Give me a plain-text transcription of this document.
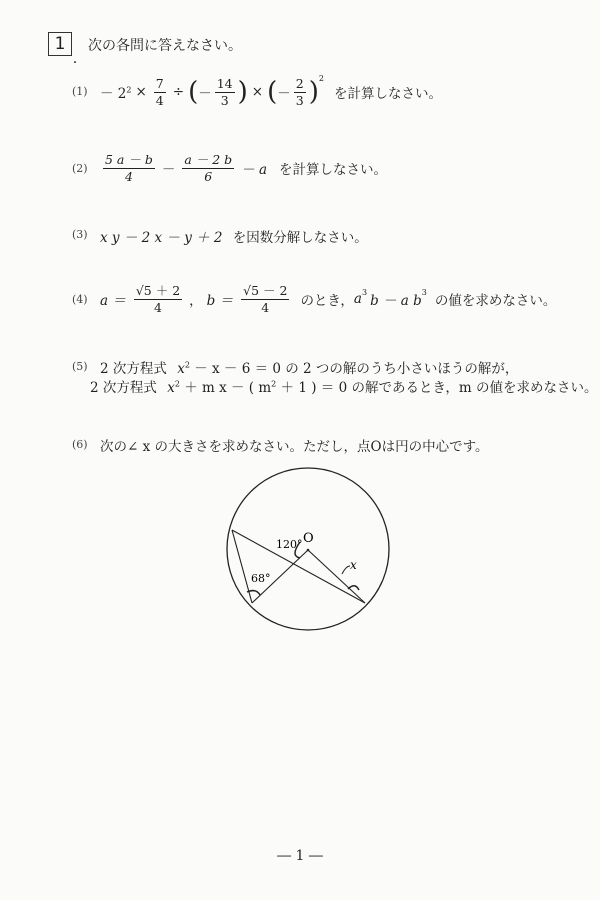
1	次の各問に答えなさい。
・
$(1) - 2^2 \times \frac{7}{4}$ ÷ ( － $\frac{14}{3}$ ) × ( － $\frac{2}{3} )^2$
を計算しなさい。
$(2) \frac{5 a - b}{4} - \frac{a - 2 b}{6} - a$ を計算しなさい。
(3) x y － 2 x － y ＋ 2 を因数分解しなさい。
(4) $a = \frac{√5 + 2}{4}$ ， $b = \frac{√5 - 2}{4}$ のとき， $a^3$
b － a b
$^3$
の値を求めなさい。
(5) 2 次方程式 $x^2 - x - 6 = 0$ の 2 つの解のうち小さいほうの解が，
2 次方程式 $x^2 + m$ x － ( $m^2 + 1$ ) ＝ 0 の解であるとき，m の値を求めなさい。
(6) 次の∠ x の大きさを求めなさい。ただし，点Oは円の中心です。
O
120°
68°
x
― 1 ―
